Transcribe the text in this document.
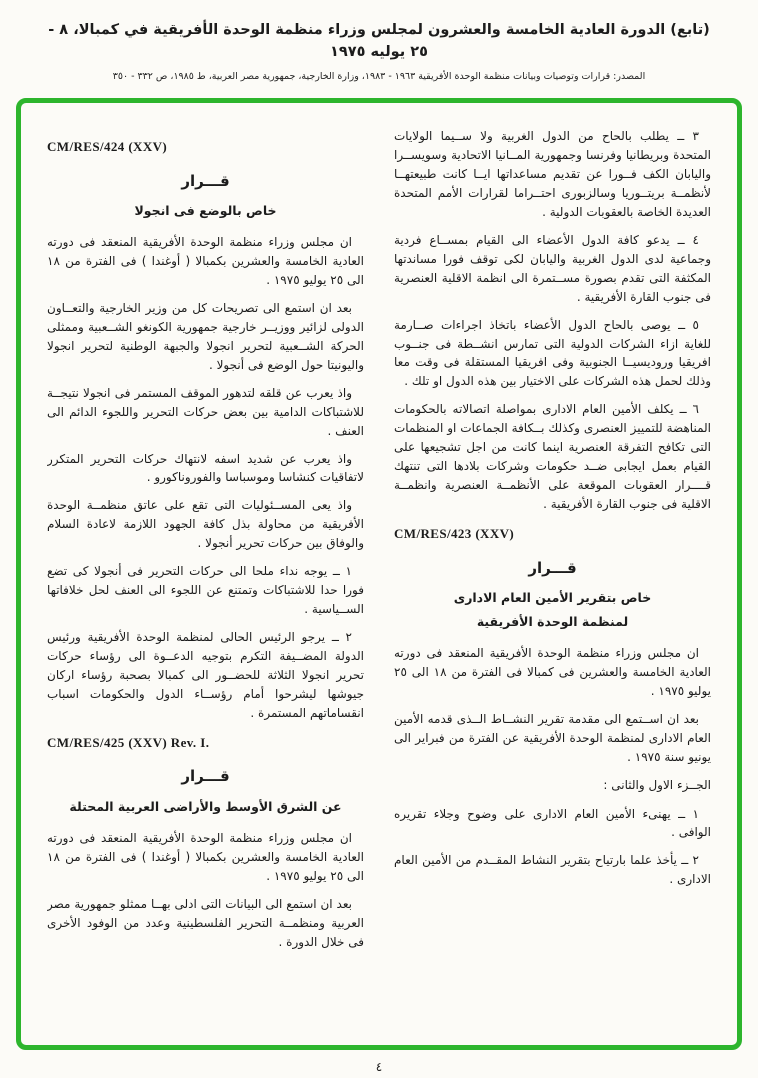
(تابع) الدورة العادية الخامسة والعشرون لمجلس وزراء منظمة الوحدة الأفريقية في كمبالا، ٨ - ٢٥ يوليه ١٩٧٥
المصدر: قرارات وتوصيات وبيانات منظمة الوحدة الأفريقية ١٩٦٣ - ١٩٨٣، وزارة الخارجية، جمهورية مصر العربية، ط ١٩٨٥، ص ٣٣٢ - ٣٥٠

٣ ــ يطلب بالحاح من الدول الغربية ولا ســيما الولايات المتحدة وبريطانيا وفرنسا وجمهورية المــانيا الاتحادية وسويســرا واليابان الكف فــورا عن تقديم مساعداتها ايــا كانت طبيعتهــا لأنظمــة بريتــوريا وسالزبورى احتــراما لقرارات الأمم المتحدة العديدة الخاصة بالعقوبات الدولية .

٤ ــ يدعو كافة الدول الأعضاء الى القيام بمســاع فردية وجماعية لدى الدول الغربية واليابان لكى توقف فورا مساندتها المكثفة التى تقدم بصورة مســتمرة الى انظمة الاقلية العنصرية فى جنوب القارة الأفريقية .

٥ ــ يوصى بالحاح الدول الأعضاء باتخاذ اجراءات صــارمة للغاية ازاء الشركات الدولية التى تمارس انشــطة فى جنــوب افريقيا وروديسيــا الجنوبية وفى افريقيا المستقلة فى وقت معا وذلك لحمل هذه الشركات على الاختيار بين هذه الدول او تلك .

٦ ــ يكلف الأمين العام الادارى بمواصلة اتصالاته بالحكومات المناهضة للتمييز العنصرى وكذلك بــكافة الجماعات او المنظمات التى تكافح التفرقة العنصرية اينما كانت من اجل تشجيعها على القيام بعمل ايجابى ضــد حكومات وشركات بلادها التى تنتهك قــــرار العقوبات الموقعة على الأنظمــة العنصرية وانظمــة الاقلية فى جنوب القارة الأفريقية .

CM/RES/423 (XXV)
قـــرار
خاص بتقرير الأمين العام الادارى
لمنظمة الوحدة الأفريقية

ان مجلس وزراء منظمة الوحدة الأفريقية المنعقد فى دورته العادية الخامسة والعشرين فى كمبالا فى الفترة من ١٨ الى ٢٥ يوليو ١٩٧٥ .

بعد ان اســتمع الى مقدمة تقرير النشــاط الــذى قدمه الأمين العام الادارى لمنظمة الوحدة الأفريقية عن الفترة من فبراير الى يونيو سنة ١٩٧٥ .

الجــزء الاول والثانى :

١ ــ يهنىء الأمين العام الادارى على وضوح وجلاء تقريره الوافى .

٢ ــ يأخذ علما بارتياح بتقرير النشاط المقــدم من الأمين العام الادارى .

CM/RES/424 (XXV)
قـــرار
خاص بالوضع فى انجولا

ان مجلس وزراء منظمة الوحدة الأفريقية المنعقد فى دورته العادية الخامسة والعشرين بكمبالا ( أوغندا ) فى الفترة من ١٨ الى ٢٥ يوليو ١٩٧٥ .

بعد ان استمع الى تصريحات كل من وزير الخارجية والتعــاون الدولى لزائير ووزيــر خارجية جمهورية الكونغو الشــعبية وممثلى الحركة الشــعبية لتحرير انجولا والجبهة الوطنية لتحرير انجولا واليونيتا حول الوضع فى أنجولا .

واذ يعرب عن قلقه لتدهور الموقف المستمر فى انجولا نتيجــة للاشتباكات الدامية بين بعض حركات التحرير واللجوء الدائم الى العنف .

واذ يعرب عن شديد اسفه لانتهاك حركات التحرير المتكرر لاتفاقيات كنشاسا وموسباسا والفوروناكورو .

واذ يعى المســئوليات التى تقع على عاتق منظمــة الوحدة الأفريقية من محاولة بذل كافة الجهود اللازمة لاعادة السلام والوفاق بين حركات تحرير أنجولا .

١ ــ يوجه نداء ملحا الى حركات التحرير فى أنجولا كى تضع فورا حدا للاشتباكات وتمتنع عن اللجوء الى العنف لحل خلافاتها الســياسية .

٢ ــ يرجو الرئيس الحالى لمنظمة الوحدة الأفريقية ورئيس الدولة المضــيفة التكرم بتوجيه الدعــوة الى رؤساء حركات تحرير انجولا الثلاثة للحضــور الى كمبالا بصحبة رؤساء اركان جيوشها ليشرحوا أمام رؤســاء الدول والحكومات اسباب انقساماتهم المستمرة .

CM/RES/425 (XXV) Rev. I.
قـــرار
عن الشرق الأوسط والأراضى العربية المحتلة

ان مجلس وزراء منظمة الوحدة الأفريقية المنعقد فى دورته العادية الخامسة والعشرين بكمبالا ( أوغندا ) فى الفترة من ١٨ الى ٢٥ يوليو ١٩٧٥ .

بعد ان استمع الى البيانات التى ادلى بهــا ممثلو جمهورية مصر العربية ومنظمــة التحرير الفلسطينية وعدد من الوفود الأخرى فى خلال الدورة .

٤
